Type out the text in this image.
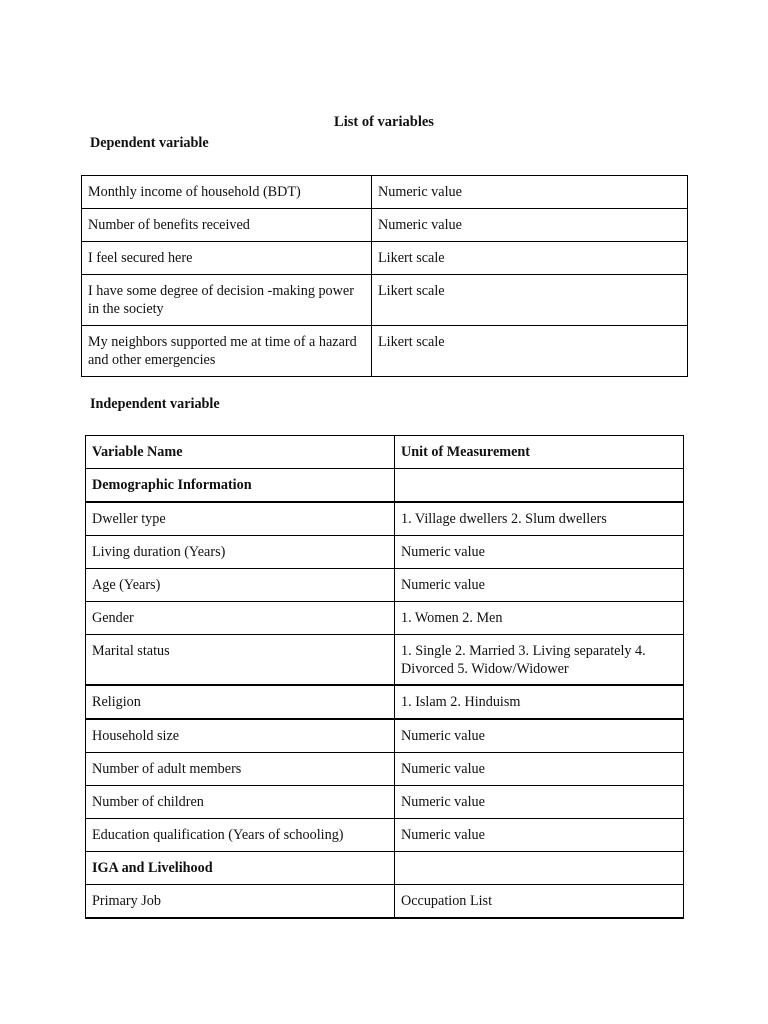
List of variables
Dependent variable
Monthly income of household (BDT)	Numeric value
Number of benefits received	Numeric value
I feel secured here	Likert scale
I have some degree of decision -making power in the society	Likert scale
My neighbors supported me at time of a hazard and other emergencies	Likert scale
Independent variable
Variable Name	Unit of Measurement
Demographic Information	
Dweller type	1. Village dwellers 2. Slum dwellers
Living duration (Years)	Numeric value
Age (Years)	Numeric value
Gender	1. Women 2. Men
Marital status	1. Single 2. Married 3. Living separately 4. Divorced 5. Widow/Widower
Religion	1. Islam 2. Hinduism
Household size	Numeric value
Number of adult members	Numeric value
Number of children	Numeric value
Education qualification (Years of schooling)	Numeric value
IGA and Livelihood	
Primary Job	Occupation List
